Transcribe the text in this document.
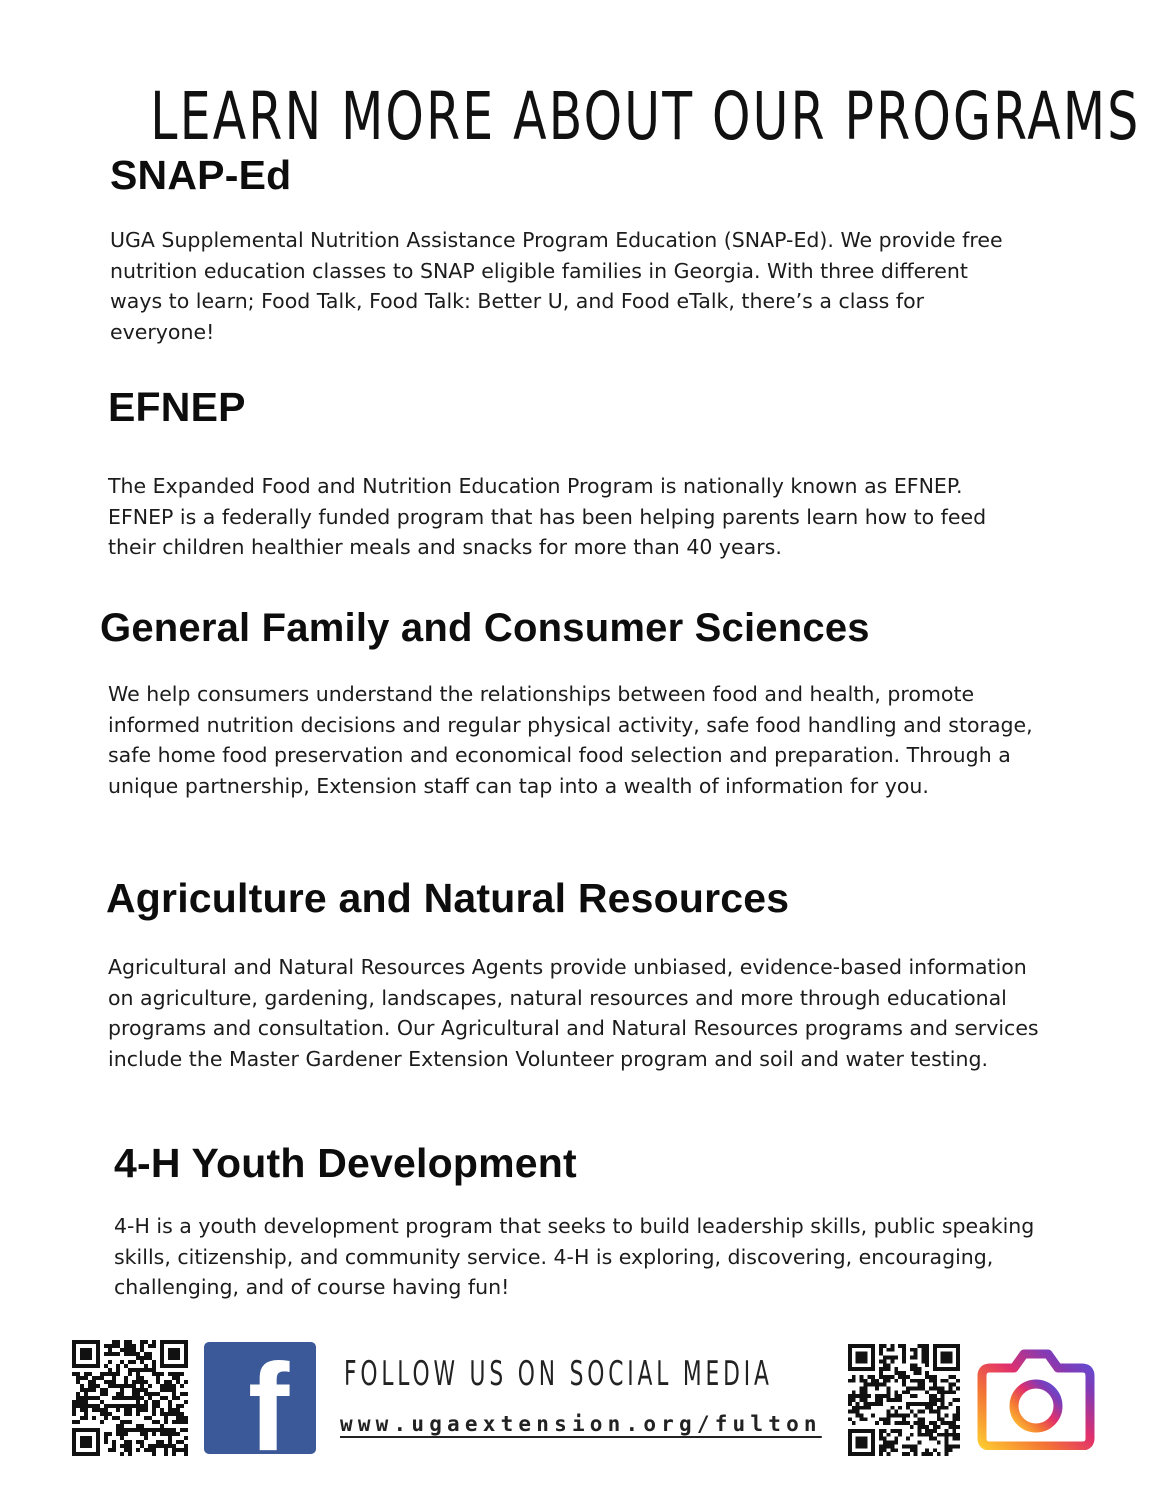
LEARN MORE ABOUT OUR PROGRAMS
SNAP-Ed

UGA Supplemental Nutrition Assistance Program Education (SNAP-Ed). We provide free nutrition education classes to SNAP eligible families in Georgia. With three different ways to learn; Food Talk, Food Talk: Better U, and Food eTalk, there’s a class for everyone!

EFNEP

The Expanded Food and Nutrition Education Program is nationally known as EFNEP. EFNEP is a federally funded program that has been helping parents learn how to feed their children healthier meals and snacks for more than 40 years.

General Family and Consumer Sciences

We help consumers understand the relationships between food and health, promote informed nutrition decisions and regular physical activity, safe food handling and storage, safe home food preservation and economical food selection and preparation. Through a unique partnership, Extension staff can tap into a wealth of information for you.

Agriculture and Natural Resources

Agricultural and Natural Resources Agents provide unbiased, evidence-based information on agriculture, gardening, landscapes, natural resources and more through educational programs and consultation. Our Agricultural and Natural Resources programs and services include the Master Gardener Extension Volunteer program and soil and water testing.

4-H Youth Development

4-H is a youth development program that seeks to build leadership skills, public speaking skills, citizenship, and community service. 4-H is exploring, discovering, encouraging, challenging, and of course having fun!

f FOLLOW US ON SOCIAL MEDIA
www.ugaextension.org/fulton
